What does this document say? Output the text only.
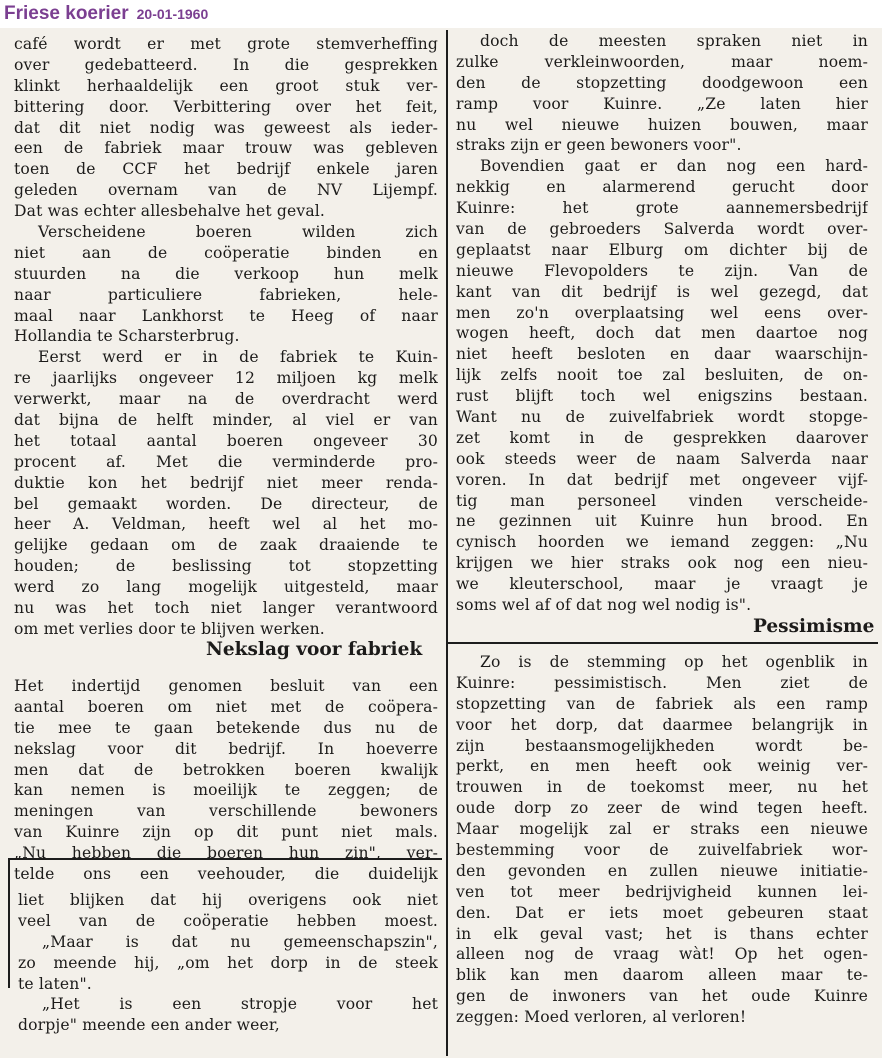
Friese koerier 20-01-1960
café wordt er met grote stemverheffing
over gedebatteerd. In die gesprekken
klinkt herhaaldelijk een groot stuk ver-
bittering door. Verbittering over het feit,
dat dit niet nodig was geweest als ieder-
een de fabriek maar trouw was gebleven
toen de CCF het bedrijf enkele jaren
geleden overnam van de NV Lijempf.
Dat was echter allesbehalve het geval.
Verscheidene boeren wilden zich
niet aan de coöperatie binden en
stuurden na die verkoop hun melk
naar particuliere fabrieken, hele-
maal naar Lankhorst te Heeg of naar
Hollandia te Scharsterbrug.
Eerst werd er in de fabriek te Kuin-
re jaarlijks ongeveer 12 miljoen kg melk
verwerkt, maar na de overdracht werd
dat bijna de helft minder, al viel er van
het totaal aantal boeren ongeveer 30
procent af. Met die verminderde pro-
duktie kon het bedrijf niet meer renda-
bel gemaakt worden. De directeur, de
heer A. Veldman, heeft wel al het mo-
gelijke gedaan om de zaak draaiende te
houden; de beslissing tot stopzetting
werd zo lang mogelijk uitgesteld, maar
nu was het toch niet langer verantwoord
om met verlies door te blijven werken.
Nekslag voor fabriek
Het indertijd genomen besluit van een
aantal boeren om niet met de coöpera-
tie mee te gaan betekende dus nu de
nekslag voor dit bedrijf. In hoeverre
men dat de betrokken boeren kwalijk
kan nemen is moeilijk te zeggen; de
meningen van verschillende bewoners
van Kuinre zijn op dit punt niet mals.
„Nu hebben die boeren hun zin", ver-
telde ons een veehouder, die duidelijk
liet blijken dat hij overigens ook niet
veel van de coöperatie hebben moest.
„Maar is dat nu gemeenschapszin",
zo meende hij, „om het dorp in de steek
te laten".
„Het is een stropje voor het
dorpje" meende een ander weer,
doch de meesten spraken niet in
zulke verkleinwoorden, maar noem-
den de stopzetting doodgewoon een
ramp voor Kuinre. „Ze laten hier
nu wel nieuwe huizen bouwen, maar
straks zijn er geen bewoners voor".
Bovendien gaat er dan nog een hard-
nekkig en alarmerend gerucht door
Kuinre: het grote aannemersbedrijf
van de gebroeders Salverda wordt over-
geplaatst naar Elburg om dichter bij de
nieuwe Flevopolders te zijn. Van de
kant van dit bedrijf is wel gezegd, dat
men zo'n overplaatsing wel eens over-
wogen heeft, doch dat men daartoe nog
niet heeft besloten en daar waarschijn-
lijk zelfs nooit toe zal besluiten, de on-
rust blijft toch wel enigszins bestaan.
Want nu de zuivelfabriek wordt stopge-
zet komt in de gesprekken daarover
ook steeds weer de naam Salverda naar
voren. In dat bedrijf met ongeveer vijf-
tig man personeel vinden verscheide-
ne gezinnen uit Kuinre hun brood. En
cynisch hoorden we iemand zeggen: „Nu
krijgen we hier straks ook nog een nieu-
we kleuterschool, maar je vraagt je
soms wel af of dat nog wel nodig is".
Pessimisme
Zo is de stemming op het ogenblik in
Kuinre: pessimistisch. Men ziet de
stopzetting van de fabriek als een ramp
voor het dorp, dat daarmee belangrijk in
zijn bestaansmogelijkheden wordt be-
perkt, en men heeft ook weinig ver-
trouwen in de toekomst meer, nu het
oude dorp zo zeer de wind tegen heeft.
Maar mogelijk zal er straks een nieuwe
bestemming voor de zuivelfabriek wor-
den gevonden en zullen nieuwe initiatie-
ven tot meer bedrijvigheid kunnen lei-
den. Dat er iets moet gebeuren staat
in elk geval vast; het is thans echter
alleen nog de vraag wàt! Op het ogen-
blik kan men daarom alleen maar te-
gen de inwoners van het oude Kuinre
zeggen: Moed verloren, al verloren!
